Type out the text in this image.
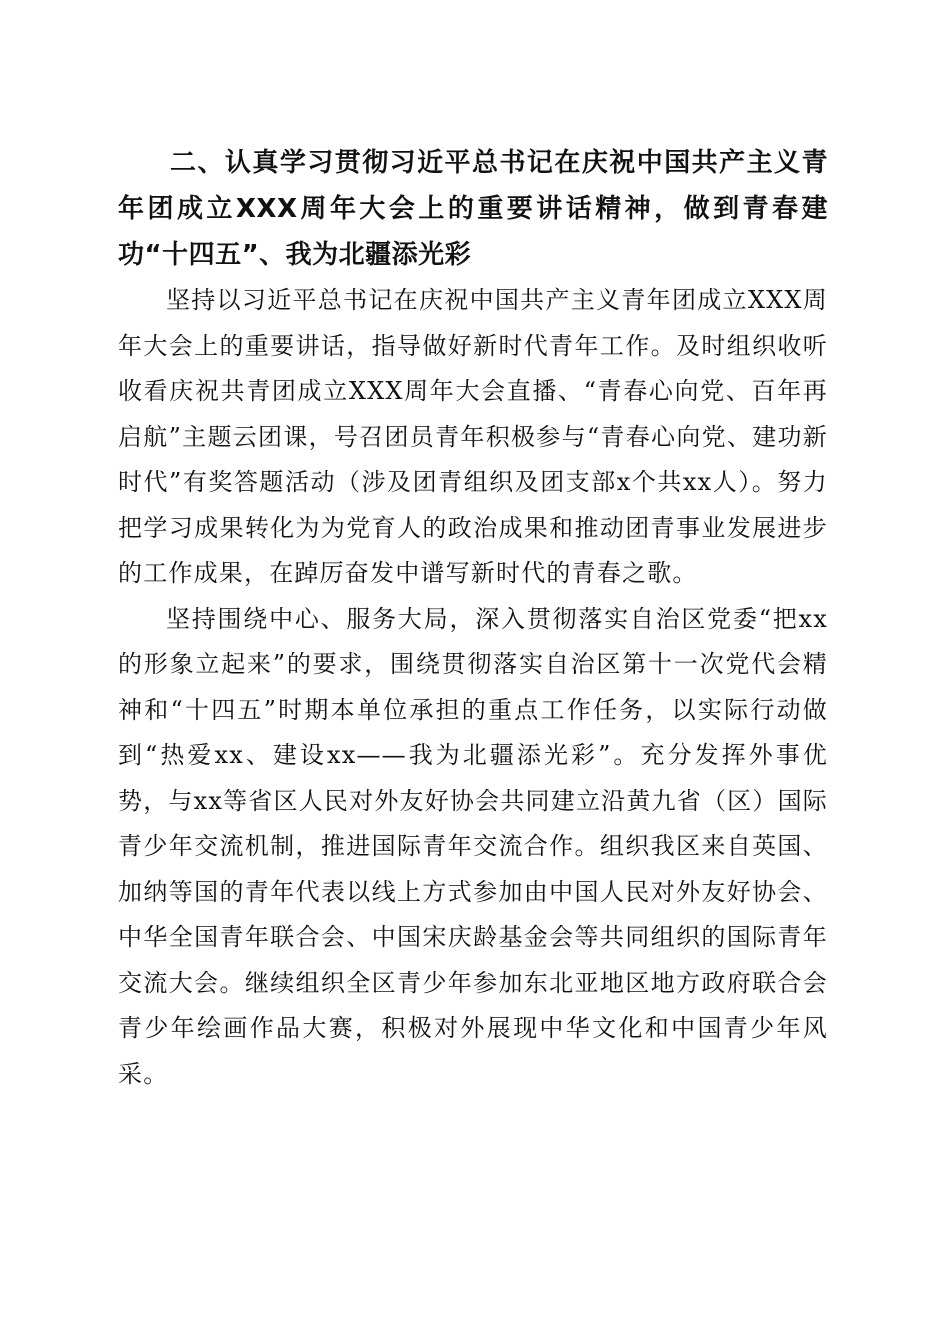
二、认真学习贯彻习近平总书记在庆祝中国共产主义青年团成立XXX周年大会上的重要讲话精神，做到青春建功“十四五”、我为北疆添光彩

坚持以习近平总书记在庆祝中国共产主义青年团成立XXX周年大会上的重要讲话，指导做好新时代青年工作。及时组织收听收看庆祝共青团成立XXX周年大会直播、“青春心向党、百年再启航”主题云团课，号召团员青年积极参与“青春心向党、建功新时代”有奖答题活动（涉及团青组织及团支部x个共xx人）。努力把学习成果转化为为党育人的政治成果和推动团青事业发展进步的工作成果，在踔厉奋发中谱写新时代的青春之歌。

坚持围绕中心、服务大局，深入贯彻落实自治区党委“把xx的形象立起来”的要求，围绕贯彻落实自治区第十一次党代会精神和“十四五”时期本单位承担的重点工作任务，以实际行动做到“热爱xx、建设xx——我为北疆添光彩”。充分发挥外事优势，与xx等省区人民对外友好协会共同建立沿黄九省（区）国际青少年交流机制，推进国际青年交流合作。组织我区来自英国、加纳等国的青年代表以线上方式参加由中国人民对外友好协会、中华全国青年联合会、中国宋庆龄基金会等共同组织的国际青年交流大会。继续组织全区青少年参加东北亚地区地方政府联合会青少年绘画作品大赛，积极对外展现中华文化和中国青少年风采。
